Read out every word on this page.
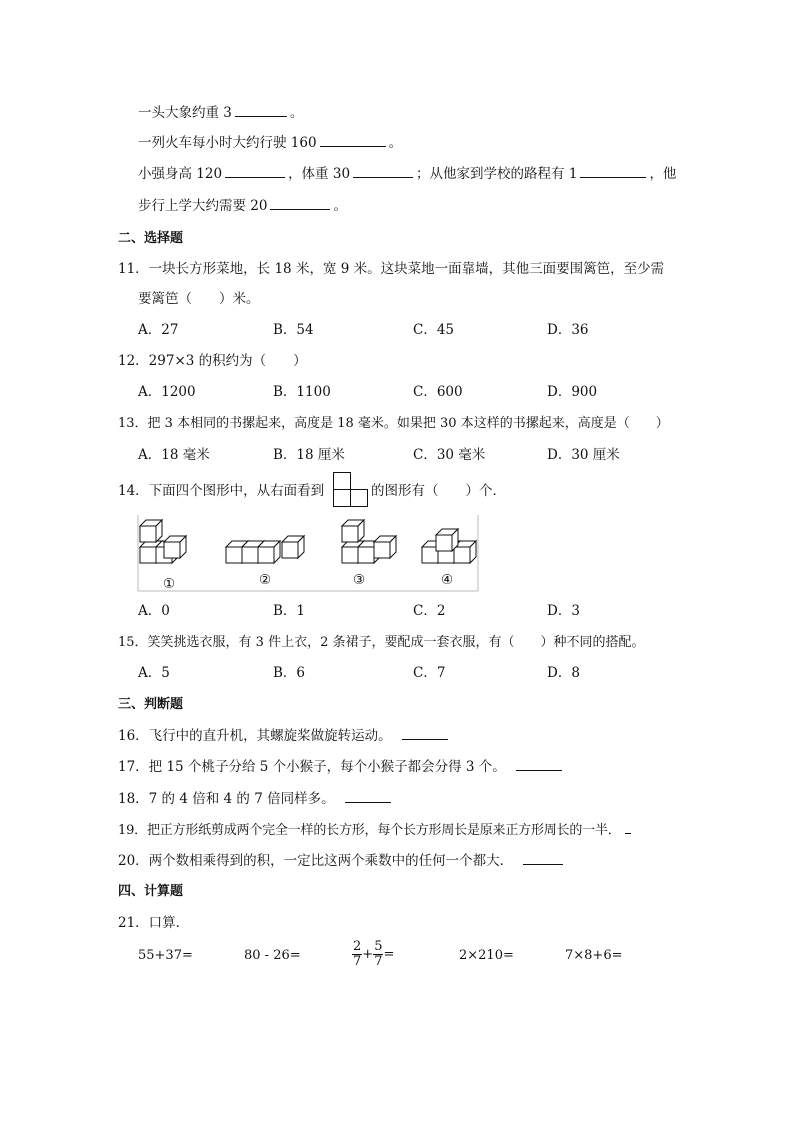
一头大象约重 3	。
一列火车每小时大约行驶 160	。
小强身高 120	，体重 30	；从他家到学校的路程有 1	，他
步行上学大约需要 20	。
二、选择题
11．一块长方形菜地，长 18 米，宽 9 米。这块菜地一面靠墙，其他三面要围篱笆，至少需
要篱笆（　　）米。
A．27	B．54	C．45	D．36
12．297×3 的积约为（　　）
A．1200	B．1100	C．600	D．900
13．把 3 本相同的书摞起来，高度是 18 毫米。如果把 30 本这样的书摞起来，高度是（　　）
A．18 毫米	B．18 厘米	C．30 毫米	D．30 厘米
14．下面四个图形中，从右面看到	的图形有（　　）个．
①	②	③	④
A．0	B．1	C．2	D．3
15．笑笑挑选衣服，有 3 件上衣，2 条裙子，要配成一套衣服，有（　　）种不同的搭配。
A．5	B．6	C．7	D．8
三、判断题
16．飞行中的直升机，其螺旋桨做旋转运动。
17．把 15 个桃子分给 5 个小猴子，每个小猴子都会分得 3 个。
18．7 的 4 倍和 4 的 7 倍同样多。
19．把正方形纸剪成两个完全一样的长方形，每个长方形周长是原来正方形周长的一半．
20．两个数相乘得到的积，一定比这两个乘数中的任何一个都大．
四、计算题
21．口算．
55+37=	80 - 26=	$\frac{2}{7} + \frac{5}{7}$ =	2×210=	7×8+6=
